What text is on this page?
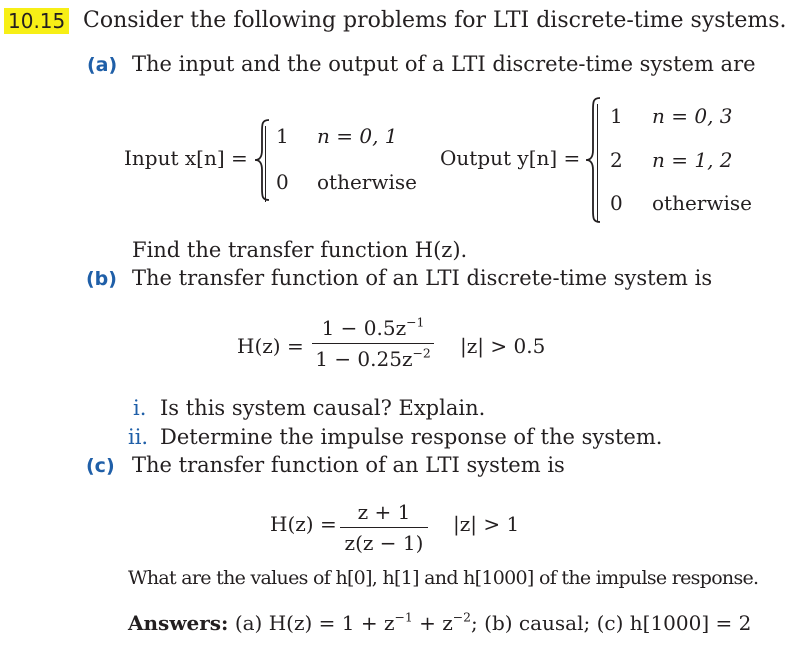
10.15 Consider the following problems for LTI discrete-time systems.
(a) The input and the output of a LTI discrete-time system are
Input x[n] =
1 n = 0, 1
0 otherwise
Output y[n] =
1 n = 0, 3
2 n = 1, 2
0 otherwise
Find the transfer function H(z).
(b) The transfer function of an LTI discrete-time system is
H(z) =
$1 - 0.5z^{-1}$
$1 - 0.25z^{-2}$ |z| > 0.5
i. Is this system causal? Explain.
ii. Determine the impulse response of the system.
(c) The transfer function of an LTI system is
H(z) =	z + 1
z(z − 1)
|z| > 1
What are the values of h[0], h[1] and h[1000] of the impulse response.
Answers: (a) $H(z) = 1 + z^{-1} + z^{-2}$; (b) causal; (c) h[1000] = 2
